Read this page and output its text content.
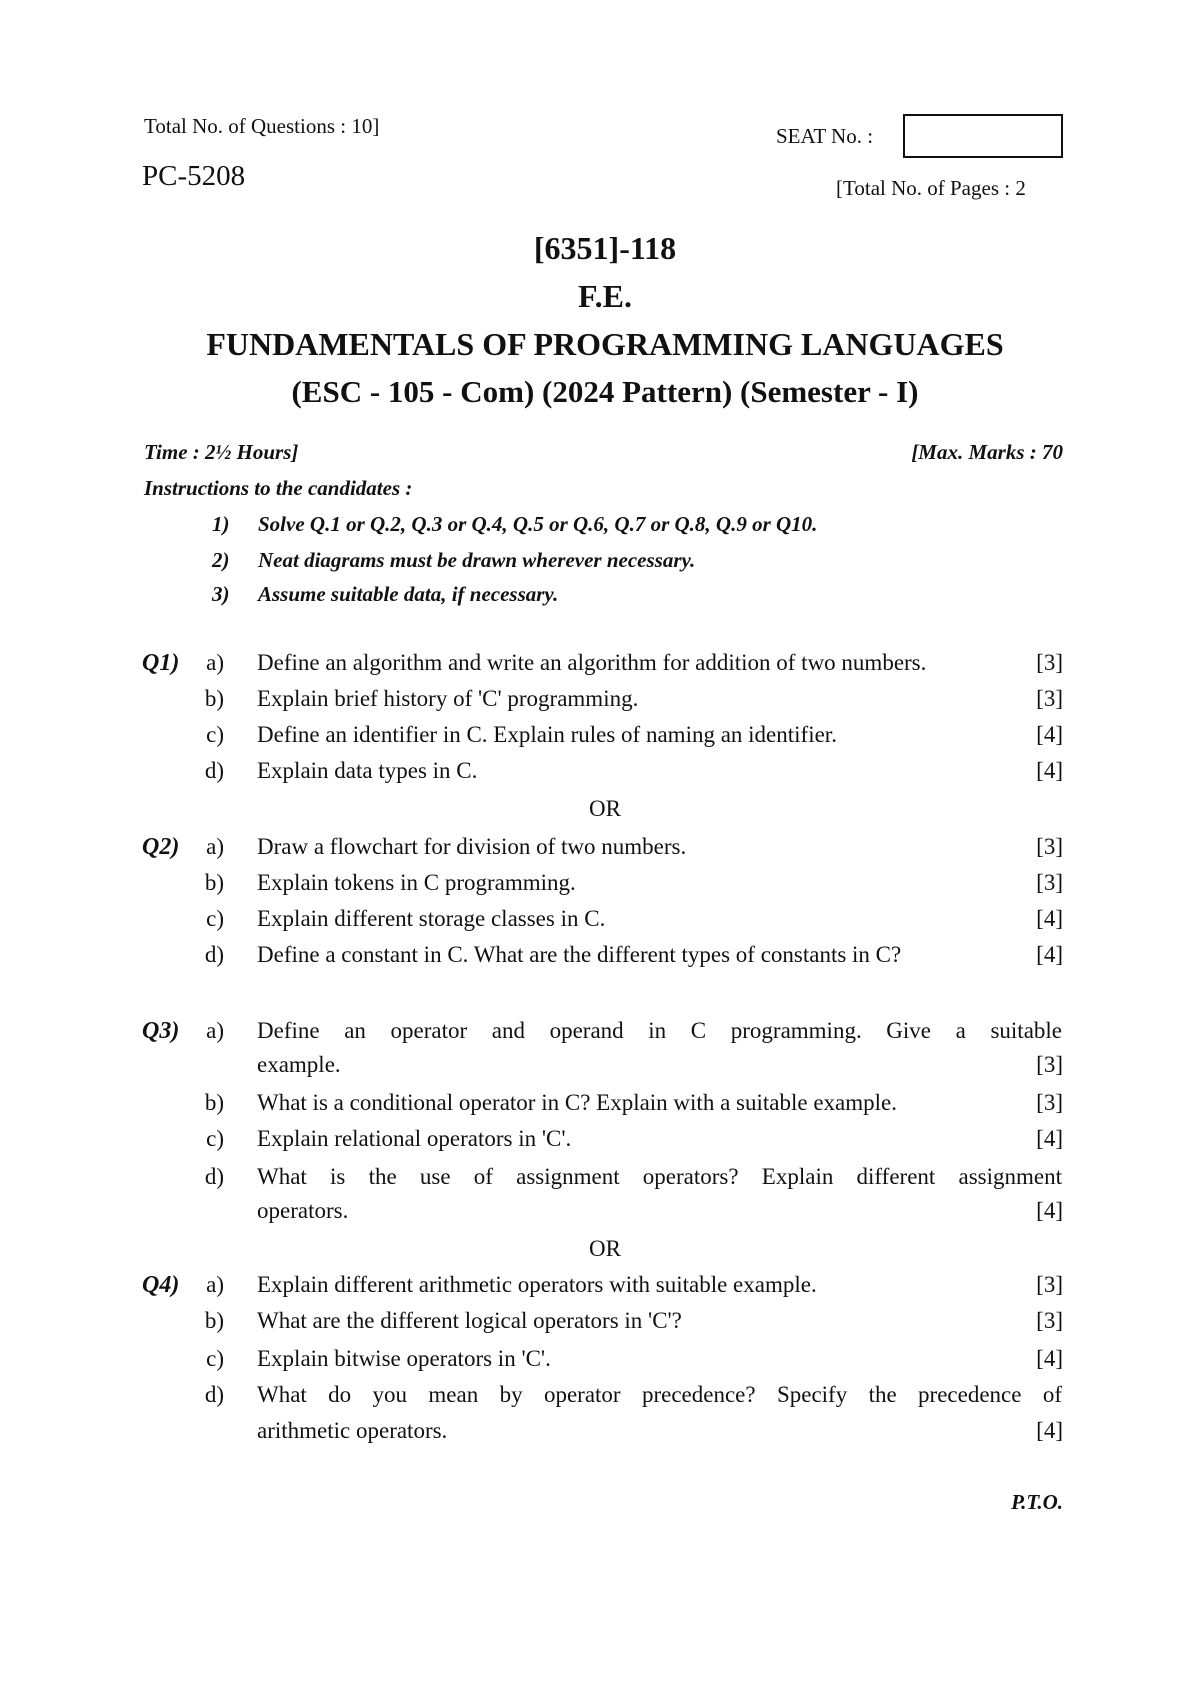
Total No. of Questions : 10]	SEAT No. :
PC-5208	[Total No. of Pages : 2
[6351]-118
F.E.
FUNDAMENTALS OF PROGRAMMING LANGUAGES
(ESC - 105 - Com) (2024 Pattern) (Semester - I)
Time : 2½ Hours]	[Max. Marks : 70
Instructions to the candidates :
1) Solve Q.1 or Q.2, Q.3 or Q.4, Q.5 or Q.6, Q.7 or Q.8, Q.9 or Q10.
2) Neat diagrams must be drawn wherever necessary.
3) Assume suitable data, if necessary.
Q1)	a) Define an algorithm and write an algorithm for addition of two numbers.	[3]
b) Explain brief history of 'C' programming.	[3]
c) Define an identifier in C. Explain rules of naming an identifier.	[4]
d) Explain data types in C.	[4]
OR
Q2)	a) Draw a flowchart for division of two numbers.	[3]
b) Explain tokens in C programming.	[3]
c) Explain different storage classes in C.	[4]
d) Define a constant in C. What are the different types of constants in C?	[4]
Q3)	a) Define an operator and operand in C programming. Give a suitable
example.	[3]
b) What is a conditional operator in C? Explain with a suitable example.	[3]
c) Explain relational operators in 'C'.	[4]
d) What is the use of assignment operators? Explain different assignment
operators.	[4]
OR
Q4)	a) Explain different arithmetic operators with suitable example.	[3]
b) What are the different logical operators in 'C'?	[3]
c) Explain bitwise operators in 'C'.	[4]
d) What do you mean by operator precedence? Specify the precedence of
arithmetic operators.	[4]
P.T.O.
